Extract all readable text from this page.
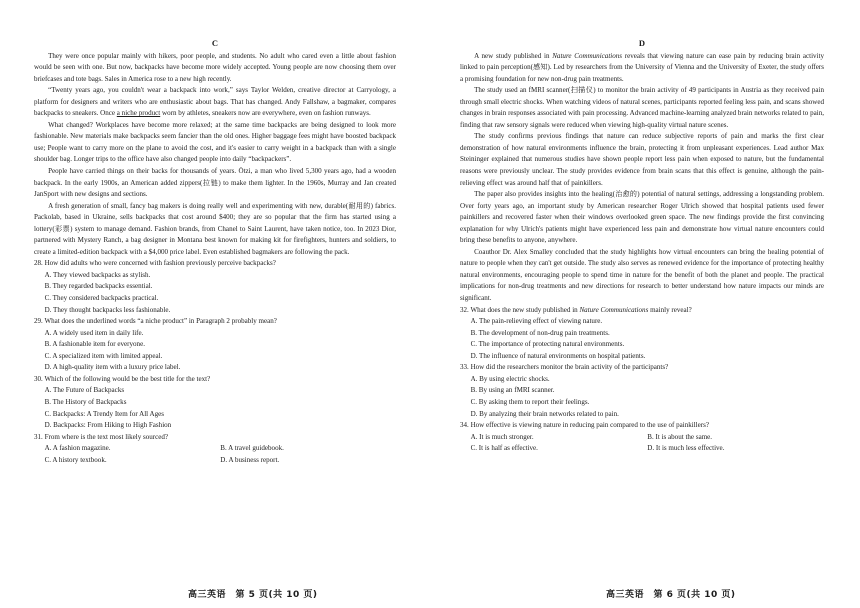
C

They were once popular mainly with hikers, poor people, and students. No adult who cared even a little about fashion would be seen with one. But now, backpacks have become more widely accepted. Young people are now choosing them over briefcases and tote bags. Sales in America rose to a new high recently.

“Twenty years ago, you couldn't wear a backpack into work,” says Taylor Welden, creative director at Carryology, a platform for designers and writers who are enthusiastic about bags. That has changed. Andy Fallshaw, a bagmaker, compares backpacks to sneakers. Once a niche product worn by athletes, sneakers now are everywhere, even on fashion runways.

What changed? Workplaces have become more relaxed; at the same time backpacks are being designed to look more fashionable. New materials make backpacks seem fancier than the old ones. Higher baggage fees might have boosted backpack use; People want to carry more on the plane to avoid the cost, and it's easier to carry weight in a backpack than with a single shoulder bag. Longer trips to the office have also changed people into daily “backpackers”.

People have carried things on their backs for thousands of years. Ötzi, a man who lived 5,300 years ago, had a wooden backpack. In the early 1900s, an American added zippers(拉链) to make them lighter. In the 1960s, Murray and Jan created JanSport with new designs and sections.

A fresh generation of small, fancy bag makers is doing really well and experimenting with new, durable(耐用的) fabrics. Packolab, based in Ukraine, sells backpacks that cost around $400; they are so popular that the firm has started using a lottery(彩票) system to manage demand. Fashion brands, from Chanel to Saint Laurent, have taken notice, too. In 2023 Dior, partnered with Mystery Ranch, a bag designer in Montana best known for making kit for firefighters, hunters and soldiers, to create a limited-edition backpack with a $4,000 price label. Even established bagmakers are following the pack.

28. How did adults who were concerned with fashion previously perceive backpacks?

A. They viewed backpacks as stylish.

B. They regarded backpacks essential.

C. They considered backpacks practical.

D. They thought backpacks less fashionable.

29. What does the underlined words “a niche product” in Paragraph 2 probably mean?

A. A widely used item in daily life.

B. A fashionable item for everyone.

C. A specialized item with limited appeal.

D. A high-quality item with a luxury price label.

30. Which of the following would be the best title for the text?

A. The Future of Backpacks

B. The History of Backpacks

C. Backpacks: A Trendy Item for All Ages

D. Backpacks: From Hiking to High Fashion

31. From where is the text most likely sourced?

A. A fashion magazine.	B. A travel guidebook.

C. A history textbook.	D. A business report.

D

A new study published in Nature Communications reveals that viewing nature can ease pain by reducing brain activity linked to pain perception(感知). Led by researchers from the University of Vienna and the University of Exeter, the study offers a promising foundation for new non-drug pain treatments.

The study used an fMRI scanner(扫描仪) to monitor the brain activity of 49 participants in Austria as they received pain through small electric shocks. When watching videos of natural scenes, participants reported feeling less pain, and scans showed changes in brain responses associated with pain processing. Advanced machine-learning analyzed brain networks related to pain, finding that raw sensory signals were reduced when viewing high-quality virtual nature scenes.

The study confirms previous findings that nature can reduce subjective reports of pain and marks the first clear demonstration of how natural environments influence the brain, protecting it from unpleasant experiences. Lead author Max Steininger explained that numerous studies have shown people report less pain when exposed to nature, but the fundamental reasons were previously unclear. The study provides evidence from brain scans that this effect is genuine, although the pain-relieving effect was around half that of painkillers.

The paper also provides insights into the healing(治愈的) potential of natural settings, addressing a longstanding problem. Over forty years ago, an important study by American researcher Roger Ulrich showed that hospital patients used fewer painkillers and recovered faster when their windows overlooked green space. The new findings provide the first convincing explanation for why Ulrich's patients might have experienced less pain and demonstrate how virtual nature encounters could bring these benefits to anyone, anywhere.

Coauthor Dr. Alex Smalley concluded that the study highlights how virtual encounters can bring the healing potential of nature to people when they can't get outside. The study also serves as renewed evidence for the importance of protecting healthy natural environments, encouraging people to spend time in nature for the benefit of both the planet and people. The practical implications for non-drug treatments and new directions for research to better understand how nature impacts our minds are significant.

32. What does the new study published in Nature Communications mainly reveal?

A. The pain-relieving effect of viewing nature.

B. The development of non-drug pain treatments.

C. The importance of protecting natural environments.

D. The influence of natural environments on hospital patients.

33. How did the researchers monitor the brain activity of the participants?

A. By using electric shocks.

B. By using an fMRI scanner.

C. By asking them to report their feelings.

D. By analyzing their brain networks related to pain.

34. How effective is viewing nature in reducing pain compared to the use of painkillers?

A. It is much stronger.	B. It is about the same.

C. It is half as effective.	D. It is much less effective.

高三英语　第 5 页(共 10 页)	高三英语　第 6 页(共 10 页)
